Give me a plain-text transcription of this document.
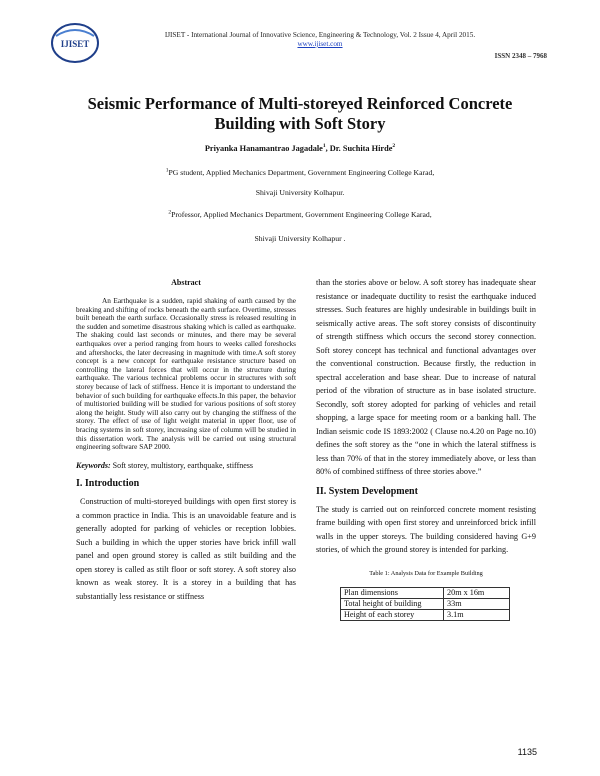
IJISET
IJISET - International Journal of Innovative Science, Engineering & Technology, Vol. 2 Issue 4, April 2015.
www.ijiset.com
ISSN 2348 – 7968
Seismic Performance of Multi-storeyed Reinforced Concrete Building with Soft Story
Priyanka Hanamantrao Jagadale$^1$, Dr. Suchita Hirde$^2$
$^1$PG student, Applied Mechanics Department, Government Engineering College Karad,
Shivaji University Kolhapur.
$^2$Professor, Applied Mechanics Department, Government Engineering College Karad,
Shivaji University Kolhapur .

Abstract

An Earthquake is a sudden, rapid shaking of earth caused by the breaking and shifting of rocks beneath the earth surface. Overtime, stresses built beneath the earth surface. Occasionally stress is released resulting in the sudden and sometime disastrous shaking which is called as earthquake. The shaking could last seconds or minutes, and there may be several earthquakes over a period ranging from hours to weeks called foreshocks and aftershocks, the later decreasing in magnitude with time.A soft storey concept is a new concept for earthquake resistance structure based on controlling the lateral forces that will occur in the structure during earthquake. The various technical problems occur in structures with soft storey because of lack of stiffness. Hence it is important to understand the behavior of such building for earthquake effects.In this paper, the behavior of multistoried building will be studied for various positions of soft storey along the height. Study will also carry out by changing the stiffness of the storey. The effect of use of light weight material in upper floor, use of bracing systems in soft storey, increasing size of column will be studied in this dissertation work. The analysis will be carried out using structural engineering software SAP 2000.

Keywords: Soft storey, multistory, earthquake, stiffness

I. Introduction

Construction of multi-storeyed buildings with open first storey is a common practice in India. This is an unavoidable feature and is generally adopted for parking of vehicles or reception lobbies. Such a building in which the upper stories have brick infill wall panel and open ground storey is called as stilt building and the open storey is called as stilt floor or soft storey. A soft storey also known as weak storey. It is a storey in a building that has substantially less resistance or stiffness

than the stories above or below. A soft storey has inadequate shear resistance or inadequate ductility to resist the earthquake induced stresses. Such features are highly undesirable in buildings built in seismically active areas. The soft storey consists of discontinuity of strength stiffness which occurs the second storey connection. Soft storey concept has technical and functional advantages over the conventional construction. Because firstly, the reduction in spectral acceleration and base shear. Due to increase of natural period of the vibration of structure as in base isolated structure. Secondly, soft storey adopted for parking of vehicles and retail shopping, a large space for meeting room or a banking hall. The Indian seismic code IS 1893:2002 ( Clause no.4.20 on Page no.10) defines the soft storey as the “one in which the lateral stiffness is less than 70% of that in the storey immediately above, or less than 80% of combined stiffness of three stories above.”

II. System Development

The study is carried out on reinforced concrete moment resisting frame building with open first storey and unreinforced brick infill walls in the upper storeys. The building considered having G+9 stories, of which the ground storey is intended for parking.

Table 1: Analysis Data for Example Building
Plan dimensions	20m x 16m
Total height of building	33m
Height of each storey	3.1m
1135
